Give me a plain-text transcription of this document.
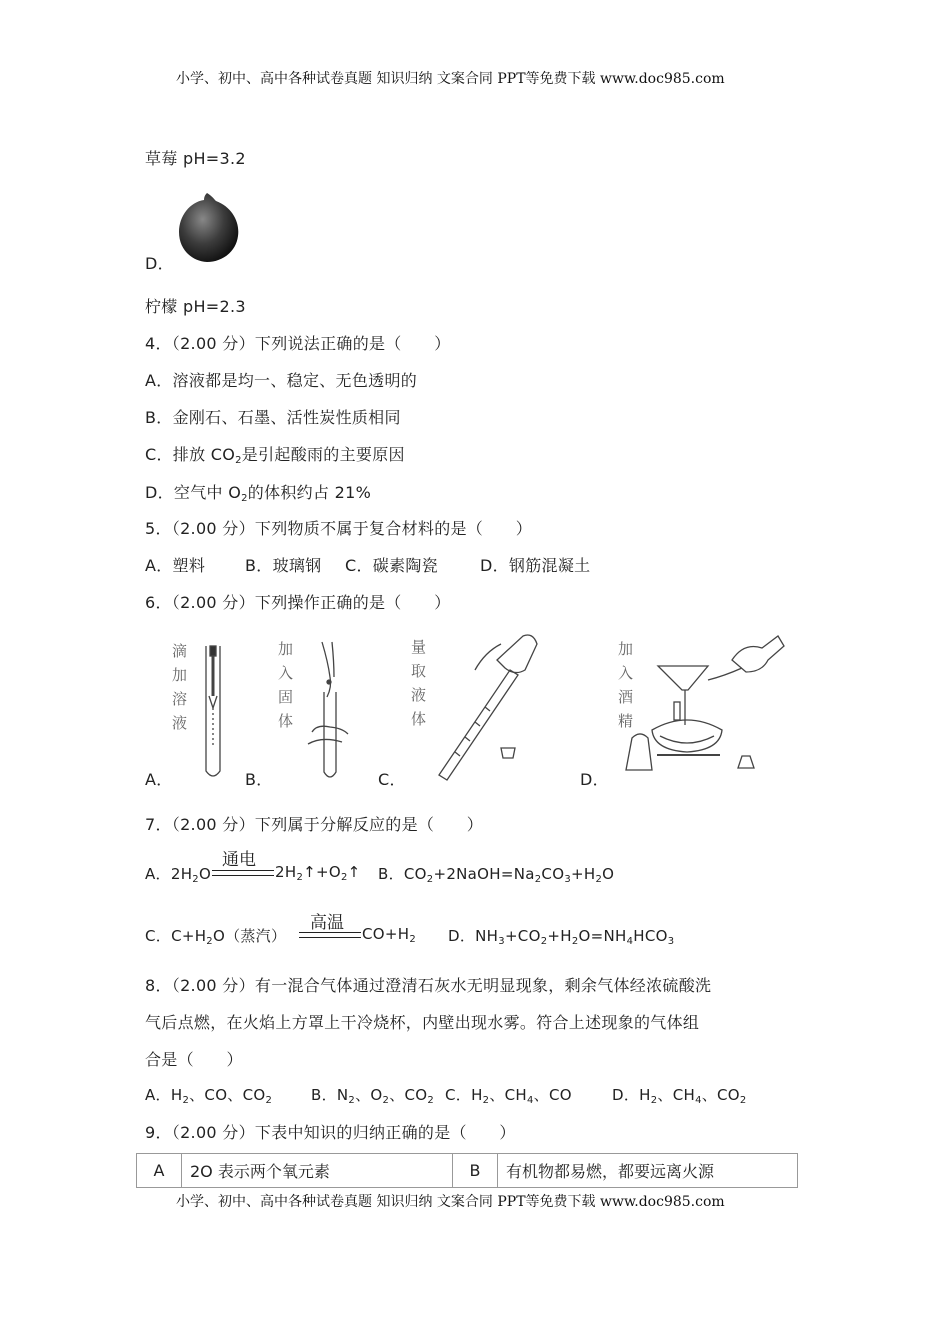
小学、初中、高中各种试卷真题 知识归纳 文案合同 PPT等免费下载 www.doc985.com
小学、初中、高中各种试卷真题 知识归纳 文案合同 PPT等免费下载 www.doc985.com
草莓 pH=3.2
D．
柠檬 pH=2.3
4．（2.00 分）下列说法正确的是（　　）
A．溶液都是均一、稳定、无色透明的
B．金刚石、石墨、活性炭性质相同
C．排放 $CO_2$是引起酸雨的主要原因
D．空气中 $O_2$的体积约占 21%
5．（2.00 分）下列物质不属于复合材料的是（　　）
A．塑料 B．玻璃钢 C．碳素陶瓷	D．钢筋混凝土
6．（2.00 分）下列操作正确的是（　　）
滴
加
溶
液
加
入
固
体
量
取
液
体
加
入
酒
精
A．	B．	C．	D．
7．（2.00 分）下列属于分解反应的是（　　）
A．$2H_2O$
通电
$2H_2↑+O_2↑$ B．$CO_2+2NaOH=Na_2CO_3+H_2O$
C．$C+H_2O$（蒸汽）
高温
$CO+H_2$ D．$NH_3+CO_2+H_2O=NH_4HCO_3$
8．（2.00 分）有一混合气体通过澄清石灰水无明显现象，剩余气体经浓硫酸洗
气后点燃，在火焰上方罩上干冷烧杯，内壁出现水雾。符合上述现象的气体组
合是（　　）
A．$H_2$、CO、$CO_2$	B．$N_2$、$O_2$、$CO_2$ C．$H_2$、$CH_4$、CO	D．$H_2$、$CH_4$、$CO_2$
9．（2.00 分）下表中知识的归纳正确的是（　　）
A	2O 表示两个氧元素	B	有机物都易燃，都要远离火源
